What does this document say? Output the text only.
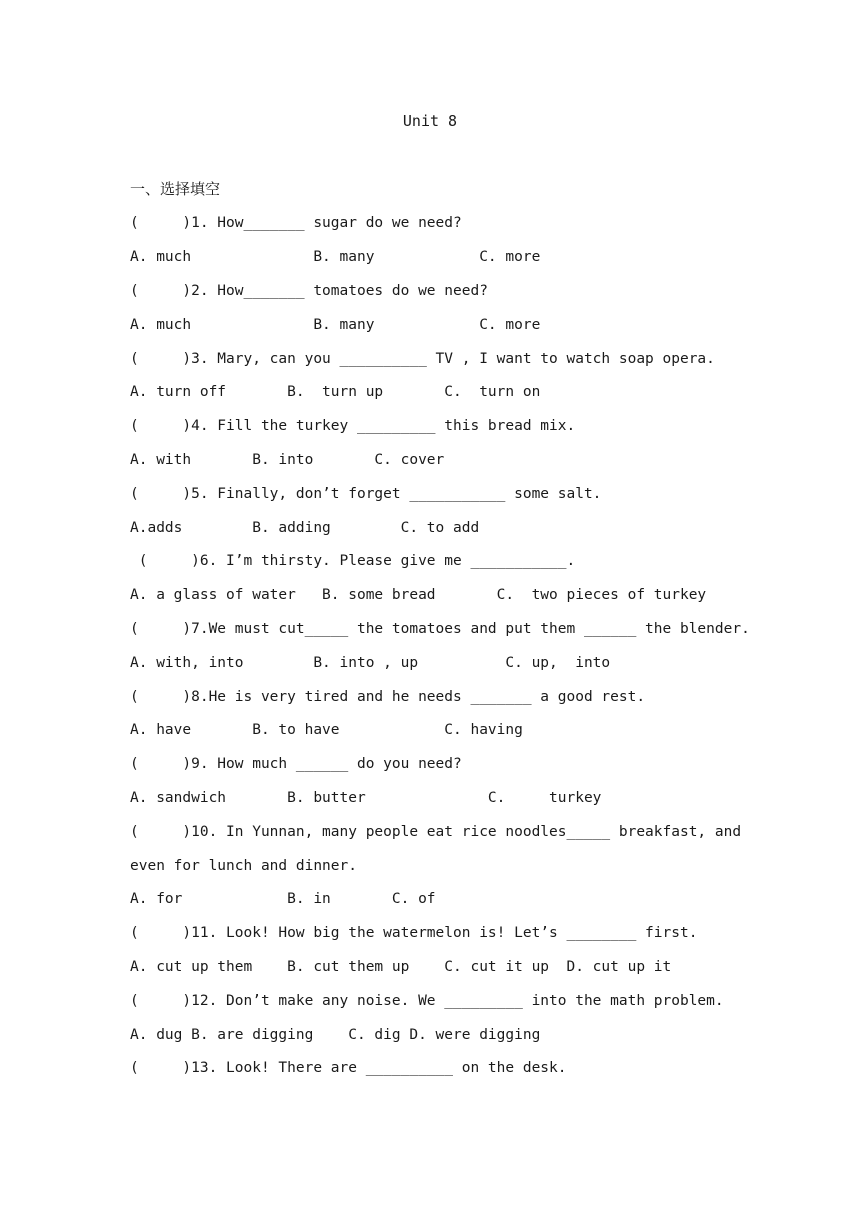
Unit 8
一、选择填空
(     )1. How_______ sugar do we need?
A. much              B. many            C. more
(     )2. How_______ tomatoes do we need?
A. much              B. many            C. more
(     )3. Mary, can you __________ TV , I want to watch soap opera.
A. turn off       B.  turn up       C.  turn on
(     )4. Fill the turkey _________ this bread mix.
A. with       B. into       C. cover
(     )5. Finally, don’t forget ___________ some salt.
A.adds        B. adding        C. to add
(     )6. I’m thirsty. Please give me ___________.
A. a glass of water   B. some bread       C.  two pieces of turkey
(     )7.We must cut_____ the tomatoes and put them ______ the blender.
A. with, into        B. into , up          C. up,  into
(     )8.He is very tired and he needs _______ a good rest.
A. have       B. to have            C. having
(     )9. How much ______ do you need?
A. sandwich       B. butter              C.     turkey
(     )10. In Yunnan, many people eat rice noodles_____ breakfast, and
even for lunch and dinner.
A. for            B. in       C. of
(     )11. Look! How big the watermelon is! Let’s ________ first.
A. cut up them    B. cut them up    C. cut it up  D. cut up it
(     )12. Don’t make any noise. We _________ into the math problem.
A. dug B. are digging    C. dig D. were digging
(     )13. Look! There are __________ on the desk.
